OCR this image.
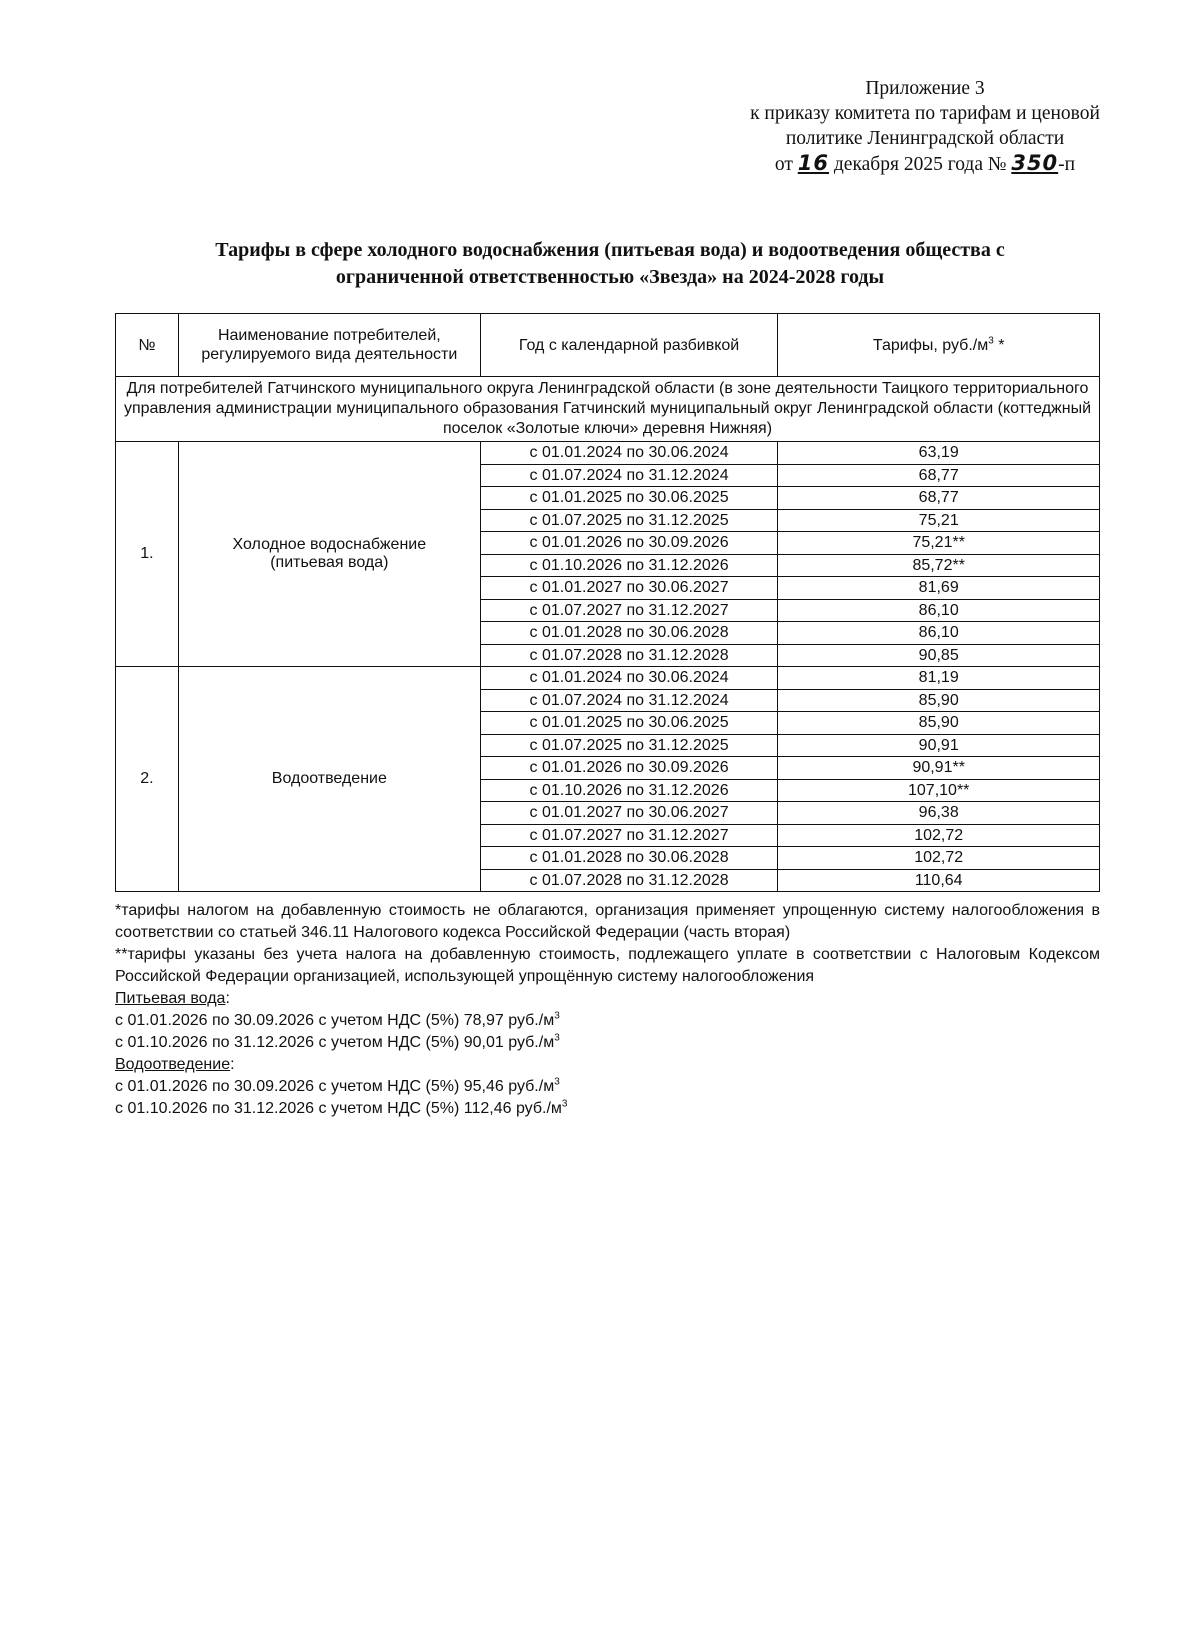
Приложение 3
к приказу комитета по тарифам и ценовой
политике Ленинградской области
от 16 декабря 2025 года № 350-п
Тарифы в сфере холодного водоснабжения (питьевая вода) и водоотведения общества с
ограниченной ответственностью «Звезда» на 2024-2028 годы
№	Наименование потребителей, регулируемого вида деятельности	Год с календарной разбивкой	Тарифы, $руб./м^3$ *
Для потребителей Гатчинского муниципального округа Ленинградской области (в зоне деятельности Таицкого территориального управления администрации муниципального образования Гатчинский муниципальный округ Ленинградской области (коттеджный поселок «Золотые ключи» деревня Нижняя)			
1.	Холодное водоснабжение (питьевая вода)	с 01.01.2024 по 30.06.2024	63,19
		с 01.07.2024 по 31.12.2024	68,77
		с 01.01.2025 по 30.06.2025	68,77
		с 01.07.2025 по 31.12.2025	75,21
		с 01.01.2026 по 30.09.2026	75,21**
		с 01.10.2026 по 31.12.2026	85,72**
		с 01.01.2027 по 30.06.2027	81,69
		с 01.07.2027 по 31.12.2027	86,10
		с 01.01.2028 по 30.06.2028	86,10
		с 01.07.2028 по 31.12.2028	90,85
2.	Водоотведение	с 01.01.2024 по 30.06.2024	81,19
		с 01.07.2024 по 31.12.2024	85,90
		с 01.01.2025 по 30.06.2025	85,90
		с 01.07.2025 по 31.12.2025	90,91
		с 01.01.2026 по 30.09.2026	90,91**
		с 01.10.2026 по 31.12.2026	107,10**
		с 01.01.2027 по 30.06.2027	96,38
		с 01.07.2027 по 31.12.2027	102,72
		с 01.01.2028 по 30.06.2028	102,72
		с 01.07.2028 по 31.12.2028	110,64

*тарифы налогом на добавленную стоимость не облагаются, организация применяет упрощенную систему налогообложения в соответствии со статьей 346.11 Налогового кодекса Российской Федерации (часть вторая)

**тарифы указаны без учета налога на добавленную стоимость, подлежащего уплате в соответствии с Налоговым Кодексом Российской Федерации организацией, использующей упрощённую систему налогообложения

Питьевая вода:

с 01.01.2026 по 30.09.2026 с учетом НДС (5%) 78,97 $руб./м^3$

с 01.10.2026 по 31.12.2026 с учетом НДС (5%) 90,01 $руб./м^3$

Водоотведение:

с 01.01.2026 по 30.09.2026 с учетом НДС (5%) 95,46 $руб./м^3$

с 01.10.2026 по 31.12.2026 с учетом НДС (5%) 112,46 $руб./м^3$
